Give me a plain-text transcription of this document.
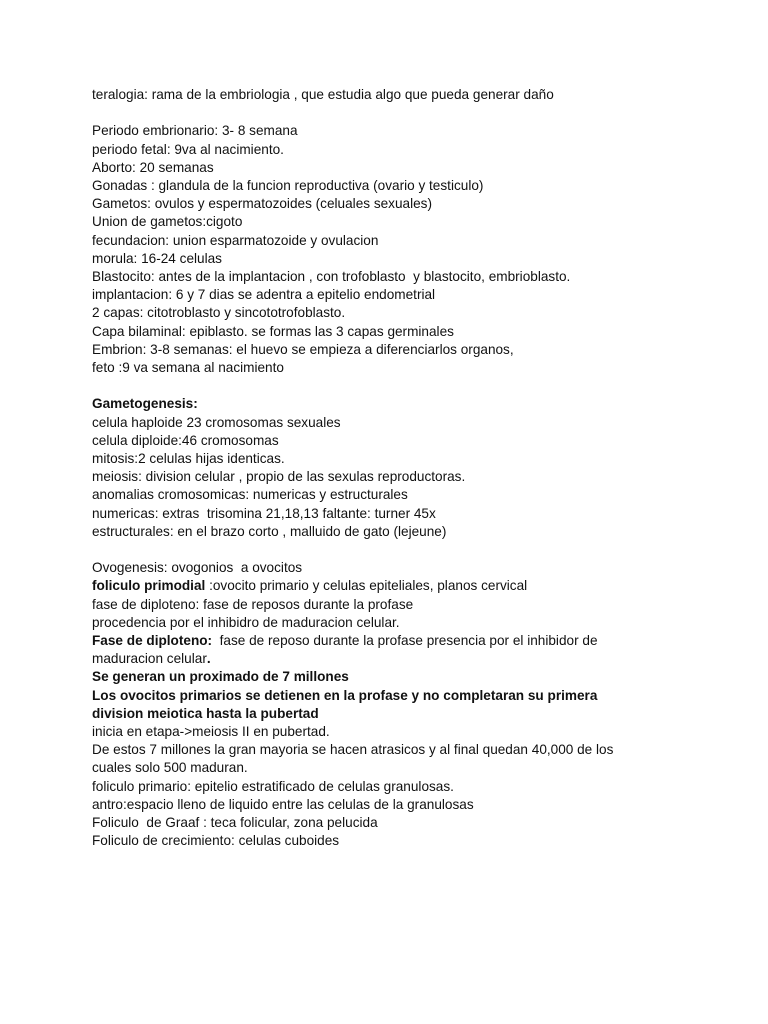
teralogia: rama de la embriologia , que estudia algo que pueda generar daño
Periodo embrionario: 3- 8 semana
periodo fetal: 9va al nacimiento.
Aborto: 20 semanas
Gonadas : glandula de la funcion reproductiva (ovario y testiculo)
Gametos: ovulos y espermatozoides (celuales sexuales)
Union de gametos:cigoto
fecundacion: union esparmatozoide y ovulacion
morula: 16-24 celulas
Blastocito: antes de la implantacion , con trofoblasto  y blastocito, embrioblasto.
implantacion: 6 y 7 dias se adentra a epitelio endometrial
2 capas: citotroblasto y sincototrofoblasto.
Capa bilaminal: epiblasto. se formas las 3 capas germinales
Embrion: 3-8 semanas: el huevo se empieza a diferenciarlos organos,
feto :9 va semana al nacimiento
Gametogenesis:
celula haploide 23 cromosomas sexuales
celula diploide:46 cromosomas
mitosis:2 celulas hijas identicas.
meiosis: division celular , propio de las sexulas reproductoras.
anomalias cromosomicas: numericas y estructurales
numericas: extras  trisomina 21,18,13 faltante: turner 45x
estructurales: en el brazo corto , malluido de gato (lejeune)
Ovogenesis: ovogonios  a ovocitos
foliculo primodial :ovocito primario y celulas epiteliales, planos cervical
fase de diploteno: fase de reposos durante la profase
procedencia por el inhibidro de maduracion celular.
Fase de diploteno:  fase de reposo durante la profase presencia por el inhibidor de
maduracion celular.
Se generan un proximado de 7 millones
Los ovocitos primarios se detienen en la profase y no completaran su primera
division meiotica hasta la pubertad
inicia en etapa->meiosis II en pubertad.
De estos 7 millones la gran mayoria se hacen atrasicos y al final quedan 40,000 de los
cuales solo 500 maduran.
foliculo primario: epitelio estratificado de celulas granulosas.
antro:espacio lleno de liquido entre las celulas de la granulosas
Foliculo  de Graaf : teca folicular, zona pelucida
Foliculo de crecimiento: celulas cuboides
